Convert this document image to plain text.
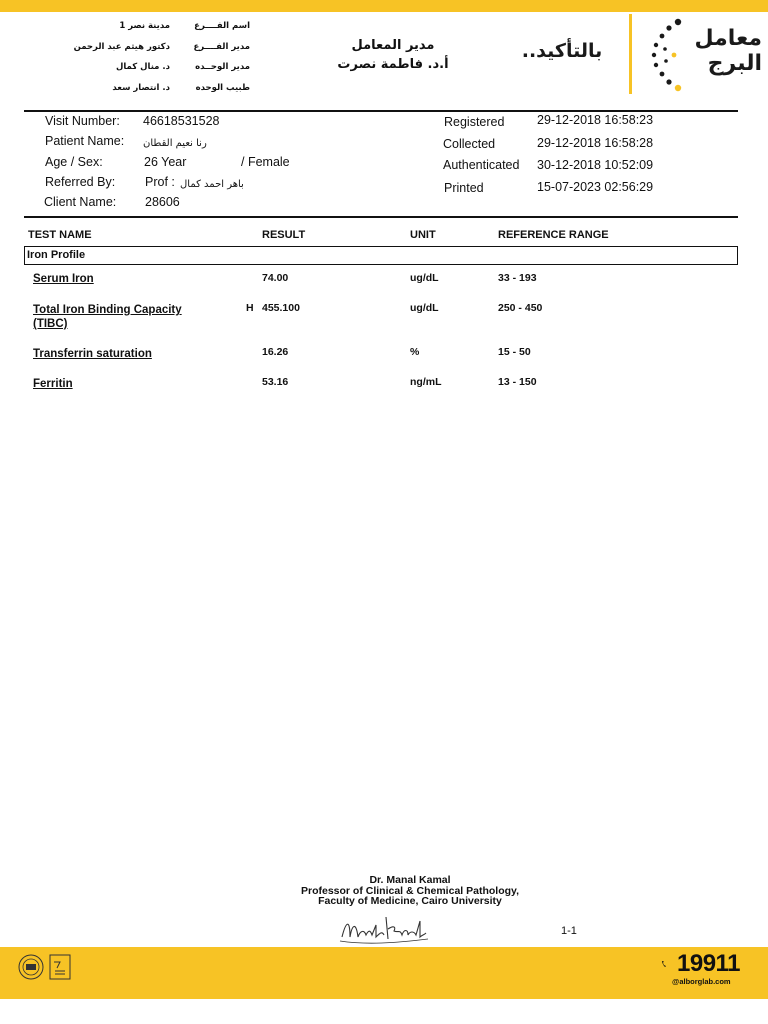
معامل البرج
بالتأكيد..
مدير المعامل
أ.د. فاطمة نصرت
اسم الفــــرع
مدينة نصر 1
مدير الفــــرع
دكتور هيثم عبد الرحمن
مدير الوحــده
د. منال كمال
طبيب الوحده
د. انتصار سعد
Visit Number: 46618531528
Patient Name: رنا نعيم القطان
Age / Sex:	26 Year	/ Female
Referred By: Prof : باهر احمد كمال
Client Name: 28606
Registered	29-12-2018 16:58:23
Collected	29-12-2018 16:58:28
Authenticated 30-12-2018 10:52:09
Printed	15-07-2023 02:56:29
TEST NAME	RESULT	UNIT	REFERENCE RANGE
Iron Profile
Serum Iron	74.00	ug/dL	33 - 193
Total Iron Binding Capacity
(TIBC)
H 455.100	ug/dL	250 - 450
Transferrin saturation	16.26	%	15 - 50
Ferritin	53.16	ng/mL	13 - 150
Dr. Manal Kamal
Professor of Clinical & Chemical Pathology,
Faculty of Medicine, Cairo University
1-1
19911
@alborglab.com
